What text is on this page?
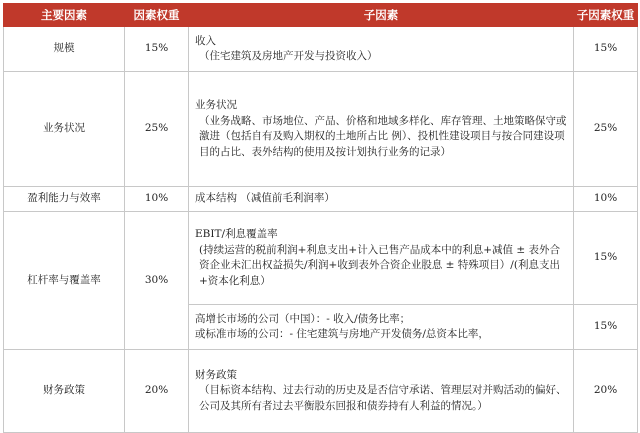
主要因素	因素权重	子因素	子因素权重
规模	15%	收入
（住宅建筑及房地产开发与投资收入）	15%
业务状况	25%	业务状况
（业务战略、市场地位、产品、价格和地域多样化、库存管理、土地策略保守或激进（包括自有及购入期权的土地所占比 例）、投机性建设项目与按合同建设项目的占比、表外结构的使用及按计划执行业务的记录）	25%
盈利能力与效率	10%	成本结构 （减值前毛利润率）	10%
杠杆率与覆盖率	30%	EBIT/利息覆盖率
(持续运营的税前利润+利息支出+计入已售产品成本中的利息+减值 ± 表外合资企业未汇出权益损失/利润+收到表外合资企业股息 ± 特殊项目）/(利息支出+资本化利息）	15%

		高增长市场的公司（中国）：- 收入/债务比率；
或标准市场的公司：- 住宅建筑与房地产开发债务/总资本比率，	15%
财务政策	20%	财务政策
（目标资本结构、过去行动的历史及是否信守承诺、管理层对并购活动的偏好、公司及其所有者过去平衡股东回报和债券持有人利益的情况。）	20%
